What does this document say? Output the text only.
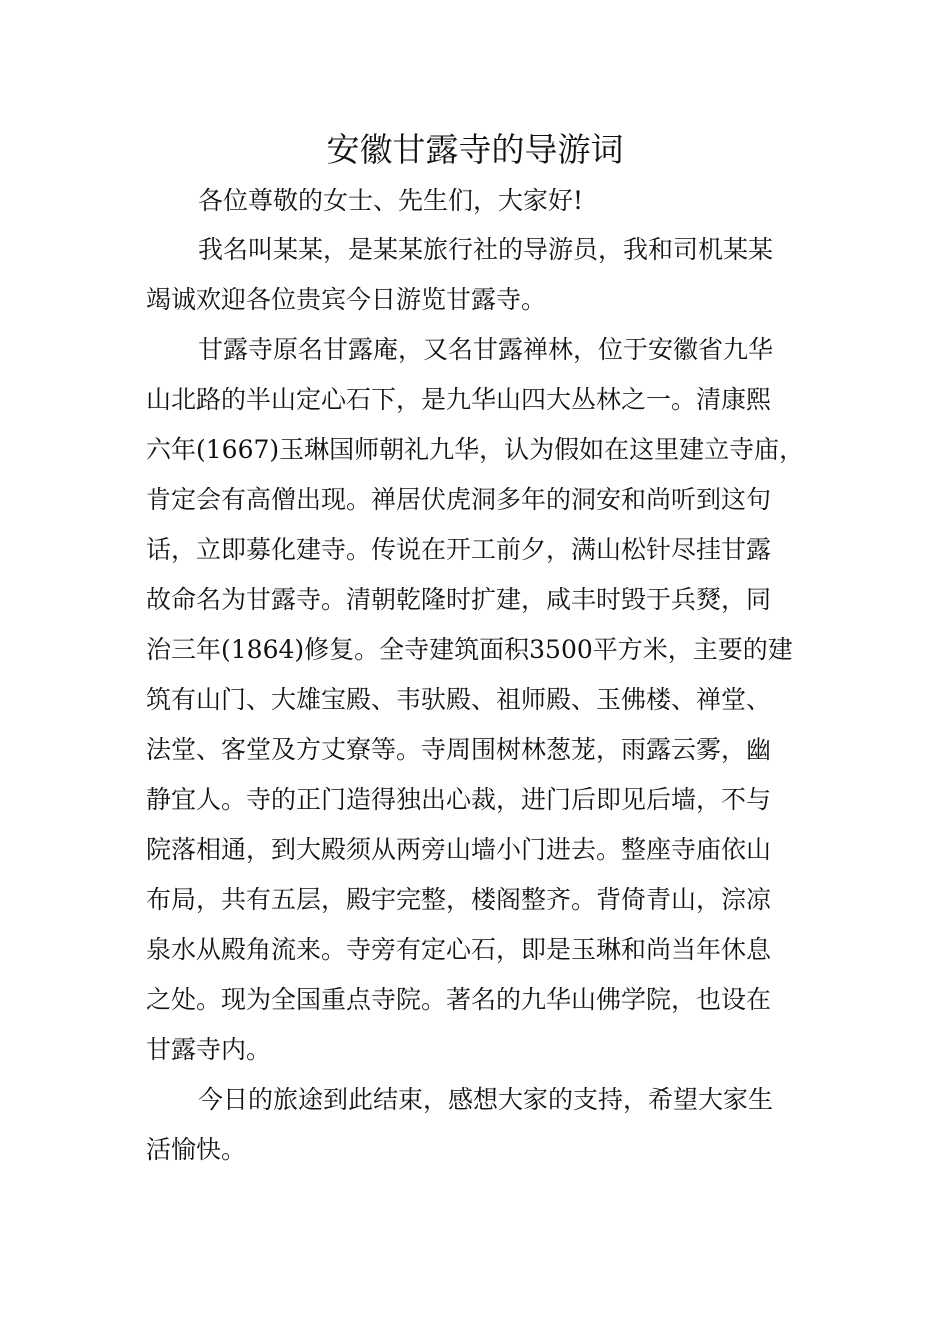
安徽甘露寺的导游词
各位尊敬的女士、先生们，大家好!
我名叫某某，是某某旅行社的导游员，我和司机某某
竭诚欢迎各位贵宾今日游览甘露寺。
甘露寺原名甘露庵，又名甘露禅林，位于安徽省九华
山北路的半山定心石下，是九华山四大丛林之一。清康熙
六年(1667)玉琳国师朝礼九华，认为假如在这里建立寺庙，
肯定会有高僧出现。禅居伏虎洞多年的洞安和尚听到这句
话，立即募化建寺。传说在开工前夕，满山松针尽挂甘露
故命名为甘露寺。清朝乾隆时扩建，咸丰时毁于兵燹，同
治三年(1864)修复。全寺建筑面积3500平方米，主要的建
筑有山门、大雄宝殿、韦驮殿、祖师殿、玉佛楼、禅堂、
法堂、客堂及方丈寮等。寺周围树林葱茏，雨露云雾，幽
静宜人。寺的正门造得独出心裁，进门后即见后墙，不与
院落相通，到大殿须从两旁山墙小门进去。整座寺庙依山
布局，共有五层，殿宇完整，楼阁整齐。背倚青山，淙凉
泉水从殿角流来。寺旁有定心石，即是玉琳和尚当年休息
之处。现为全国重点寺院。著名的九华山佛学院，也设在
甘露寺内。
今日的旅途到此结束，感想大家的支持，希望大家生
活愉快。
